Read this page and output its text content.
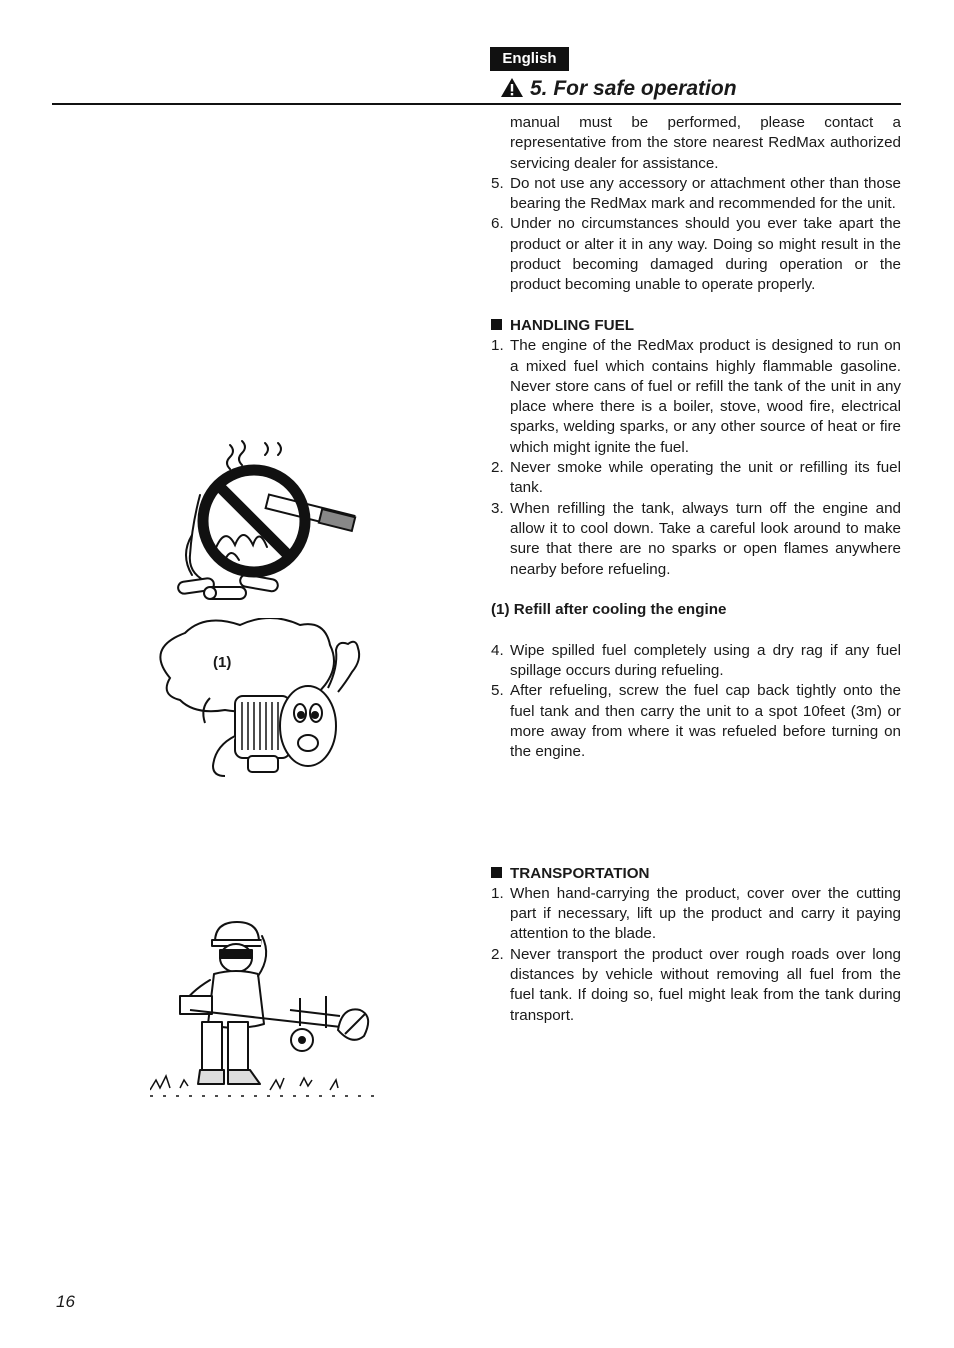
English
5. For safe operation

manual must be performed, please contact a representative from the store nearest RedMax authorized servicing dealer for assistance.

5. Do not use any accessory or attachment other than those bearing the RedMax mark and recommended for the unit.
6. Under no circumstances should you ever take apart the product or alter it in any way. Doing so might result in the product becoming damaged during operation or the product becoming unable to operate properly.
HANDLING FUEL
1. The engine of the RedMax product is designed to run on a mixed fuel which contains highly flammable gasoline. Never store cans of fuel or refill the tank of the unit in any place where there is a boiler, stove, wood fire, electrical sparks, welding sparks, or any other source of heat or fire which might ignite the fuel.
2. Never smoke while operating the unit or refilling its fuel tank.
3. When refilling the tank, always turn off the engine and allow it to cool down. Take a careful look around to make sure that there are no sparks or open flames anywhere nearby before refueling.
(1) Refill after cooling the engine
4. Wipe spilled fuel completely using a dry rag if any fuel spillage occurs during refueling.
5. After refueling, screw the fuel cap back tightly onto the fuel tank and then carry the unit to a spot 10feet (3m) or more away from where it was refueled before turning on the engine.
TRANSPORTATION
1. When hand-carrying the product, cover over the cutting part if necessary, lift up the product and carry it paying attention to the blade.
2. Never transport the product over rough roads over long distances by vehicle without removing all fuel from the fuel tank. If doing so, fuel might leak from the tank during transport.
(1)
16
